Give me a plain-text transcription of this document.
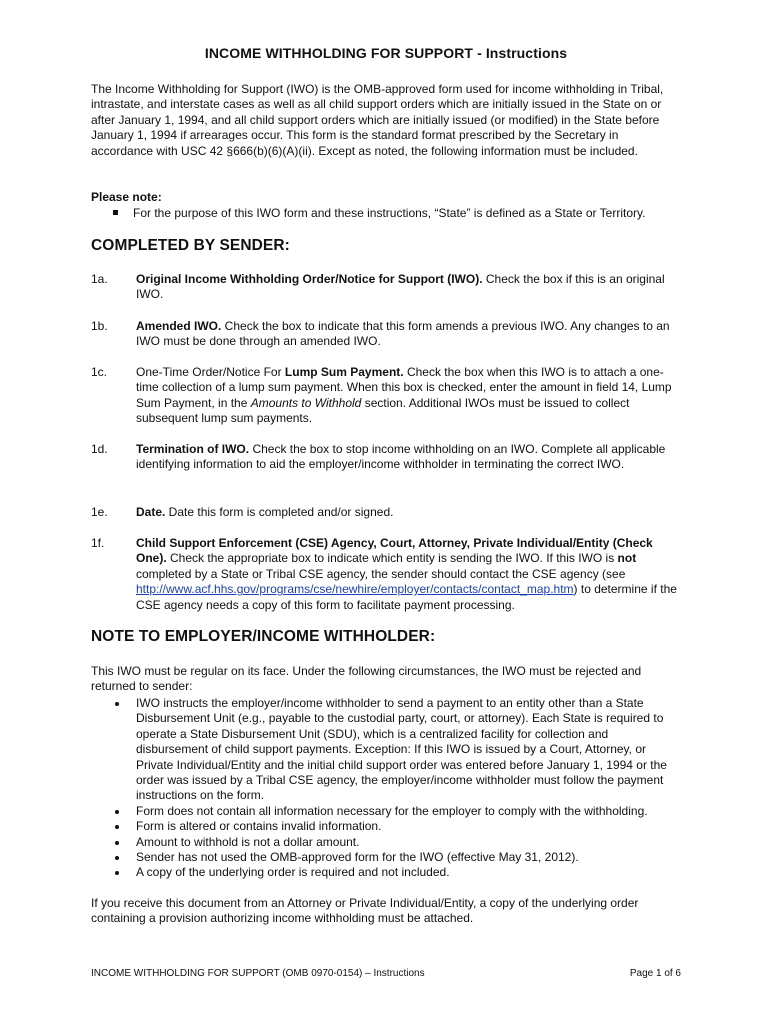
INCOME WITHHOLDING FOR SUPPORT - Instructions
The Income Withholding for Support (IWO) is the OMB-approved form used for income withholding in Tribal, intrastate, and interstate cases as well as all child support orders which are initially issued in the State on or after January 1, 1994, and all child support orders which are initially issued (or modified) in the State before January 1, 1994 if arrearages occur. This form is the standard format prescribed by the Secretary in accordance with USC 42 §666(b)(6)(A)(ii). Except as noted, the following information must be included.
Please note:
For the purpose of this IWO form and these instructions, “State” is defined as a State or Territory.
COMPLETED BY SENDER:
1a. Original Income Withholding Order/Notice for Support (IWO). Check the box if this is an original IWO.
1b. Amended IWO. Check the box to indicate that this form amends a previous IWO. Any changes to an IWO must be done through an amended IWO.
1c. One-Time Order/Notice For Lump Sum Payment. Check the box when this IWO is to attach a one-time collection of a lump sum payment. When this box is checked, enter the amount in field 14, Lump Sum Payment, in the Amounts to Withhold section. Additional IWOs must be issued to collect subsequent lump sum payments.
1d. Termination of IWO. Check the box to stop income withholding on an IWO. Complete all applicable identifying information to aid the employer/income withholder in terminating the correct IWO.
1e. Date. Date this form is completed and/or signed.
1f.	Child Support Enforcement (CSE) Agency, Court, Attorney, Private Individual/Entity (Check One). Check the appropriate box to indicate which entity is sending the IWO. If this IWO is not completed by a State or Tribal CSE agency, the sender should contact the CSE agency (see http://www.acf.hhs.gov/programs/cse/newhire/employer/contacts/contact_map.htm) to determine if the CSE agency needs a copy of this form to facilitate payment processing.
NOTE TO EMPLOYER/INCOME WITHHOLDER:
This IWO must be regular on its face. Under the following circumstances, the IWO must be rejected and returned to sender:
IWO instructs the employer/income withholder to send a payment to an entity other than a State Disbursement Unit (e.g., payable to the custodial party, court, or attorney). Each State is required to operate a State Disbursement Unit (SDU), which is a centralized facility for collection and disbursement of child support payments. Exception: If this IWO is issued by a Court, Attorney, or Private Individual/Entity and the initial child support order was entered before January 1, 1994 or the order was issued by a Tribal CSE agency, the employer/income withholder must follow the payment instructions on the form.
Form does not contain all information necessary for the employer to comply with the withholding.
Form is altered or contains invalid information.
Amount to withhold is not a dollar amount.
Sender has not used the OMB-approved form for the IWO (effective May 31, 2012).
A copy of the underlying order is required and not included.
If you receive this document from an Attorney or Private Individual/Entity, a copy of the underlying order containing a provision authorizing income withholding must be attached.
INCOME WITHHOLDING FOR SUPPORT (OMB 0970-0154) – Instructions	Page 1 of 6
